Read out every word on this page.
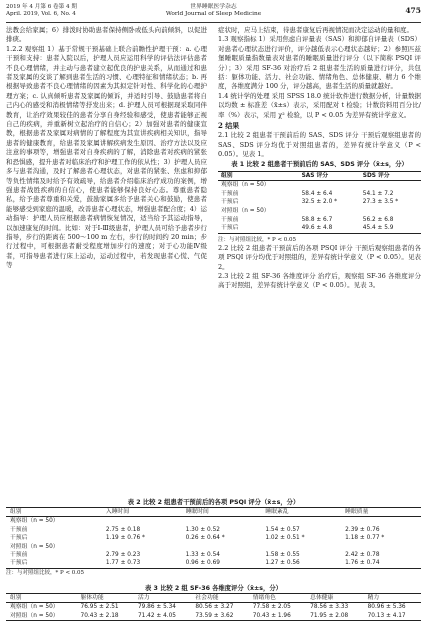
2019 年 4 月第 6 卷第 4 期
April. 2019, Vol. 6, No. 4
世界睡眠医学杂志
World Journal of Sleep Medicine	475

法教会给家属；6）排泼时协助患者保持侧卧或低头向前倾斜，以促进排痰。

1.2.2 观察组 1）基于常规干预基础上联合前瞻性护理干预：a. 心理干预和支持：患者入院以后，护理人员应运用科学的评估法评估患者不良心理情绪，并主动与患者建立起优良的护患关系，从而通过和患者及家属的交谈了解到患者生活的习惯、心理特征和情绪状态；b. 再根据导致患者不良心理情绪的因素为其拟定针对性、科学化的心理护理方案；c. 认真倾听患者及家属的倾诉，并适时引导、鼓励患者将自己内心的感受和消极情绪等抒发出来；d. 护理人员可根据现采取同伴教育，让治疗效果较佳的患者分享自身经验和感受，使患者能够正视自己的疾病，并重新树立起治疗的自信心；2）加强对患者的健康宣教，根据患者及家属对病情的了解程度为其宣讲疾病相关知识，指导患者的健康教育，给患者及家属讲解疾病发生原因、治疗方法以及应注意的事项等，增强患者对自身疾病的了解，消除患者对疾病的紧张和恐惧感，提升患者对临床治疗和护理工作的依从性；3）护理人员应多与患者沟通，及时了解患者心理状态，对患者的紧张、焦虑和抑郁等负性情绪及时给予有效疏导，给患者介绍临床治疗成功的案例，增强患者战胜疾病的自信心，使患者能够保持良好心态。尊重患者隐私，给予患者尊重和关爱，鼓励家属多给予患者关心和鼓励，使患者能够感受到家庭的温暖，改善患者心理状态，增强患者配合度；4）运动指导：护理人员应根据患者病情恢复情况，适当给予其运动指导，以加速康复的时间。比如：对于Ⅰ-Ⅲ级患者，护理人员可给予患者步行指导，步行的距离在 500～100 m 左右，步行的时间约 20 min；步行过程中，可根据患者耐受程度增加步行的速度；对于心功能Ⅳ级者，可指导患者进行床上运动，运动过程中，若发现患者心慌、气促等

症状时，应马上结束，待患者康复后再视情况而决定运动的量和度。

1.3 观察指标 1）采用焦虑自评量表（SAS）和抑郁自评量表（SDS）对患者心理状态进行评价，评分越低表示心理状态越好；2）参照匹兹堡睡眠质量指数量表对患者的睡眠质量进行评分（以下简称 PSQI 评分）；3）采用 SF-36 对治疗后 2 组患者生活的质量进行评分，共包括：躯体功能、活力、社会功能、情绪角色、总体健康、精力 6 个维度，各维度满分 100 分，评分越高，患者生活的质量就越好。

1.4 统计学的处理 采用 SPSS 18.0 统计软件进行数据分析，计量数据以均数 ± 标准差（x̄±s）表示，采用配对 t 检验；计数资料用百分比/率（%）表示，采用 χ² 检验，以 P < 0.05 为差异有统计学意义。

2 结果

2.1 比较 2 组患者干预前后的 SAS、SDS 评分 干预后观察组患者的 SAS、SDS 评分均优于对照组患者的，差异有统计学意义（P < 0.05）。见表 1。

表 1 比较 2 组患者干预前后的 SAS、SDS 评分（x̄±s，分）
组别	SAS 评分	SDS 评分
观察组（n = 50）		
干预前	58.4 ± 6.4	54.1 ± 7.2
干预后	32.5 ± 2.0 *	27.3 ± 3.5 *
对照组（n = 50）		
干预前	58.8 ± 6.7	56.2 ± 6.8
干预后	49.6 ± 4.8	45.4 ± 5.9
注：与对照组比较，* P < 0.05

2.2 比较 2 组患者干预前后的各项 PSQI 评分 干预后观察组患者的各项 PSQI 评分均优于对照组的，差异有统计学意义（P < 0.05）。见表 2。

2.3 比较 2 组 SF-36 各维度评分 治疗后，观察组 SF-36 各维度评分高于对照组，差异有统计学意义（P < 0.05）。见表 3。

表 2 比较 2 组患者干预前后的各项 PSQI 评分（x̄±s，分）
组别	入睡时间	睡眠时间	睡眠紊乱	睡眠质量
观察组（n = 50）				
干预前	2.75 ± 0.18	1.30 ± 0.52	1.54 ± 0.57	2.39 ± 0.76
干预后	1.19 ± 0.76 *	0.26 ± 0.64 *	1.02 ± 0.51 *	1.18 ± 0.77 *
对照组（n = 50）				
干预前	2.79 ± 0.23	1.33 ± 0.54	1.58 ± 0.55	2.42 ± 0.78
干预后	1.77 ± 0.73	0.96 ± 0.69	1.27 ± 0.56	1.76 ± 0.74
注：与对照组比较，* P < 0.05
表 3 比较 2 组 SF-36 各维度评分（x̄±s，分）
组别	躯体功能	活力	社会功能	情绪角色	总体健康	精力
观察组（n = 50）	76.95 ± 2.51	79.86 ± 5.34	80.56 ± 3.27	77.58 ± 2.05	78.56 ± 3.33	80.96 ± 5.36
对照组（n = 50）	70.43 ± 2.18	71.42 ± 4.05	73.59 ± 3.62	70.43 ± 1.96	71.95 ± 2.08	70.13 ± 4.17
